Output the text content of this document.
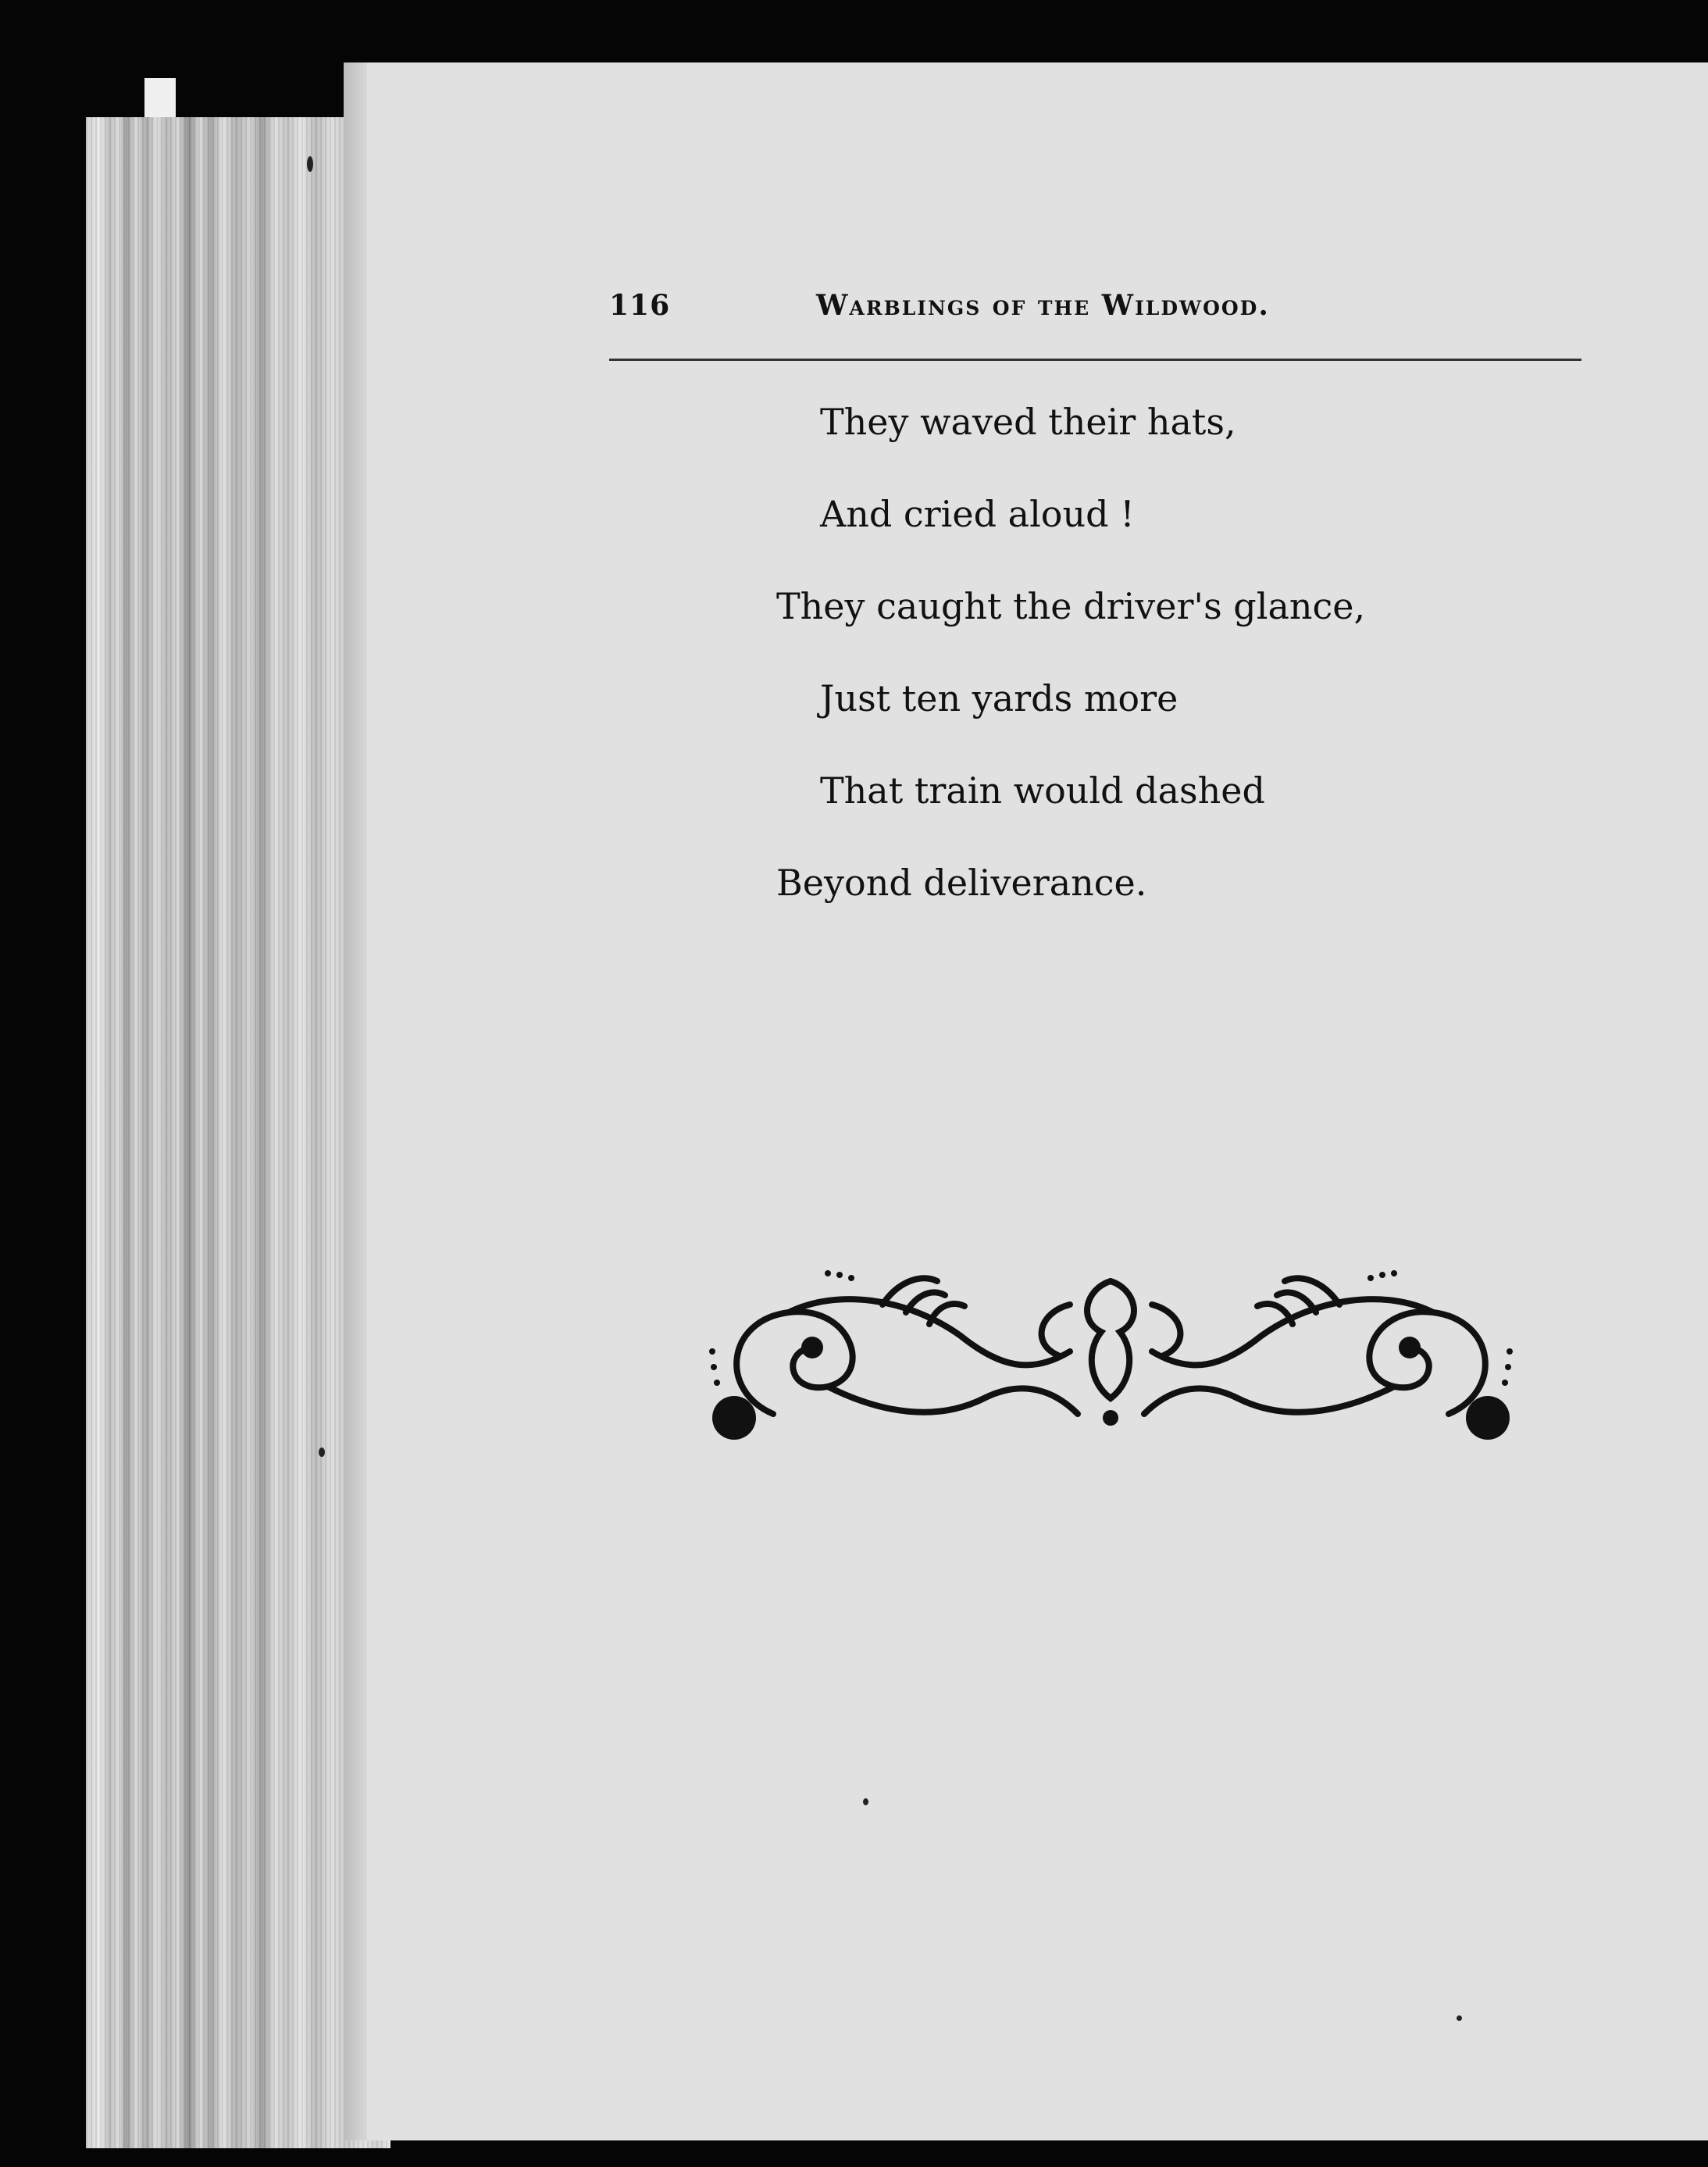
116	Warblings of the Wildwood.
They waved their hats,
And cried aloud !
They caught the driver's glance,
Just ten yards more
That train would dashed
Beyond deliverance.
